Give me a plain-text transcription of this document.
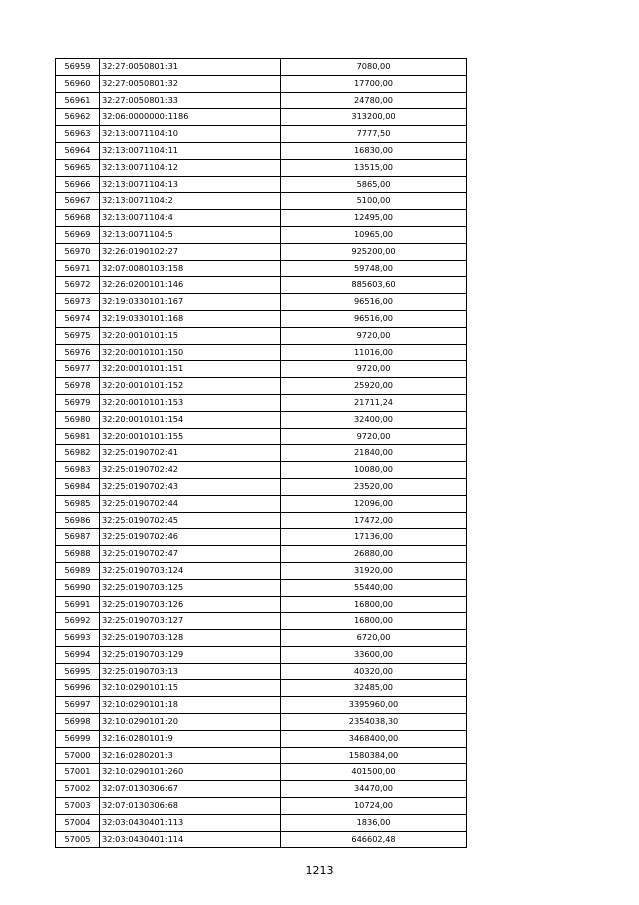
56959	32:27:0050801:31	7080,00
56960	32:27:0050801:32	17700,00
56961	32:27:0050801:33	24780,00
56962	32:06:0000000:1186	313200,00
56963	32:13:0071104:10	7777,50
56964	32:13:0071104:11	16830,00
56965	32:13:0071104:12	13515,00
56966	32:13:0071104:13	5865,00
56967	32:13:0071104:2	5100,00
56968	32:13:0071104:4	12495,00
56969	32:13:0071104:5	10965,00
56970	32:26:0190102:27	925200,00
56971	32:07:0080103:158	59748,00
56972	32:26:0200101:146	885603,60
56973	32:19:0330101:167	96516,00
56974	32:19:0330101:168	96516,00
56975	32:20:0010101:15	9720,00
56976	32:20:0010101:150	11016,00
56977	32:20:0010101:151	9720,00
56978	32:20:0010101:152	25920,00
56979	32:20:0010101:153	21711,24
56980	32:20:0010101:154	32400,00
56981	32:20:0010101:155	9720,00
56982	32:25:0190702:41	21840,00
56983	32:25:0190702:42	10080,00
56984	32:25:0190702:43	23520,00
56985	32:25:0190702:44	12096,00
56986	32:25:0190702:45	17472,00
56987	32:25:0190702:46	17136,00
56988	32:25:0190702:47	26880,00
56989	32:25:0190703:124	31920,00
56990	32:25:0190703:125	55440,00
56991	32:25:0190703:126	16800,00
56992	32:25:0190703:127	16800,00
56993	32:25:0190703:128	6720,00
56994	32:25:0190703:129	33600,00
56995	32:25:0190703:13	40320,00
56996	32:10:0290101:15	32485,00
56997	32:10:0290101:18	3395960,00
56998	32:10:0290101:20	2354038,30
56999	32:16:0280101:9	3468400,00
57000	32:16:0280201:3	1580384,00
57001	32:10:0290101:260	401500,00
57002	32:07:0130306:67	34470,00
57003	32:07:0130306:68	10724,00
57004	32:03:0430401:113	1836,00
57005	32:03:0430401:114	646602,48
1213
